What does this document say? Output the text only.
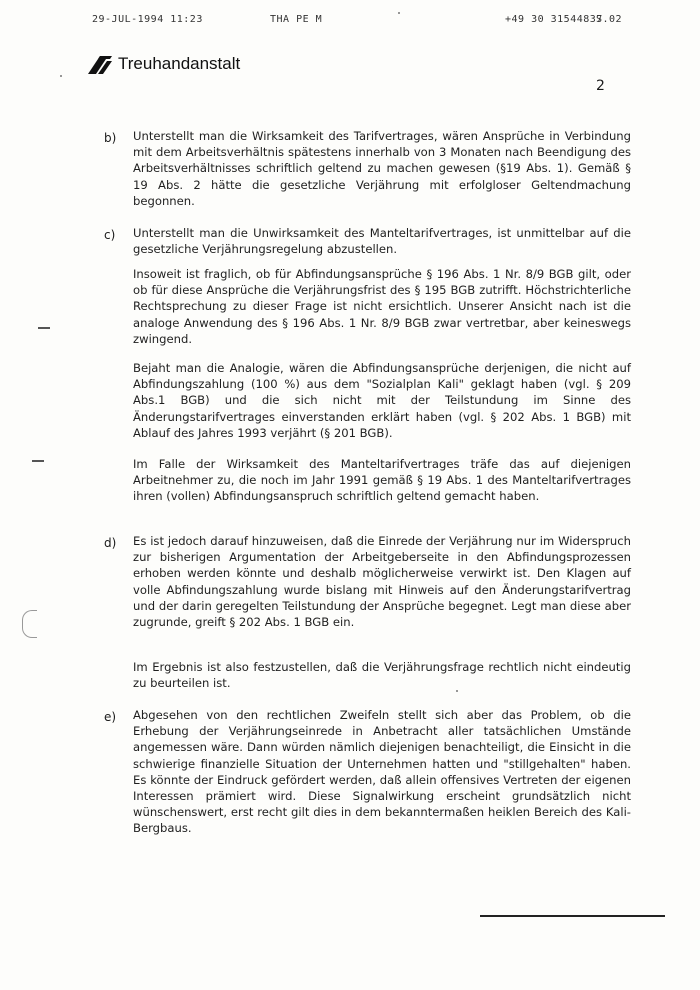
29-JUL-1994 11:23	THA PE M	+49 30 31544837
S.02
Treuhandanstalt
2
b) Unterstellt man die Wirksamkeit des Tarifvertrages, wären Ansprüche in Verbindung mit dem Arbeitsverhältnis spätestens innerhalb von 3 Monaten nach Beendigung des Arbeitsverhältnisses schriftlich geltend zu machen gewesen (§19 Abs. 1). Gemäß § 19 Abs. 2 hätte die gesetzliche Verjährung mit erfolgloser Geltendmachung begonnen.
c) Unterstellt man die Unwirksamkeit des Manteltarifvertrages, ist unmittelbar auf die gesetzliche Verjährungsregelung abzustellen.
Insoweit ist fraglich, ob für Abfindungsansprüche § 196 Abs. 1 Nr. 8/9 BGB gilt, oder ob für diese Ansprüche die Verjährungsfrist des § 195 BGB zutrifft. Höchstrichterliche Rechtsprechung zu dieser Frage ist nicht ersichtlich. Unserer Ansicht nach ist die analoge Anwendung des § 196 Abs. 1 Nr. 8/9 BGB zwar vertretbar, aber keineswegs zwingend.
Bejaht man die Analogie, wären die Abfindungsansprüche derjenigen, die nicht auf Abfindungszahlung (100 %) aus dem "Sozialplan Kali" geklagt haben (vgl. § 209 Abs.1 BGB) und die sich nicht mit der Teilstundung im Sinne des Änderungstarifvertrages einverstanden erklärt haben (vgl. § 202 Abs. 1 BGB) mit Ablauf des Jahres 1993 verjährt (§ 201 BGB).
Im Falle der Wirksamkeit des Manteltarifvertrages träfe das auf diejenigen Arbeitnehmer zu, die noch im Jahr 1991 gemäß § 19 Abs. 1 des Manteltarifvertrages ihren (vollen) Abfindungsanspruch schriftlich geltend gemacht haben.
d) Es ist jedoch darauf hinzuweisen, daß die Einrede der Verjährung nur im Widerspruch zur bisherigen Argumentation der Arbeitgeberseite in den Abfindungsprozessen erhoben werden könnte und deshalb möglicherweise verwirkt ist. Den Klagen auf volle Abfindungszahlung wurde bislang mit Hinweis auf den Änderungstarifvertrag und der darin geregelten Teilstundung der Ansprüche begegnet. Legt man diese aber zugrunde, greift § 202 Abs. 1 BGB ein.
Im Ergebnis ist also festzustellen, daß die Verjährungsfrage rechtlich nicht eindeutig zu beurteilen ist.
e) Abgesehen von den rechtlichen Zweifeln stellt sich aber das Problem, ob die Erhebung der Verjährungseinrede in Anbetracht aller tatsächlichen Umstände angemessen wäre. Dann würden nämlich diejenigen benachteiligt, die Einsicht in die schwierige finanzielle Situation der Unternehmen hatten und "stillgehalten" haben. Es könnte der Eindruck gefördert werden, daß allein offensives Vertreten der eigenen Interessen prämiert wird. Diese Signalwirkung erscheint grundsätzlich nicht wünschenswert, erst recht gilt dies in dem bekanntermaßen heiklen Bereich des Kali-Bergbaus.
